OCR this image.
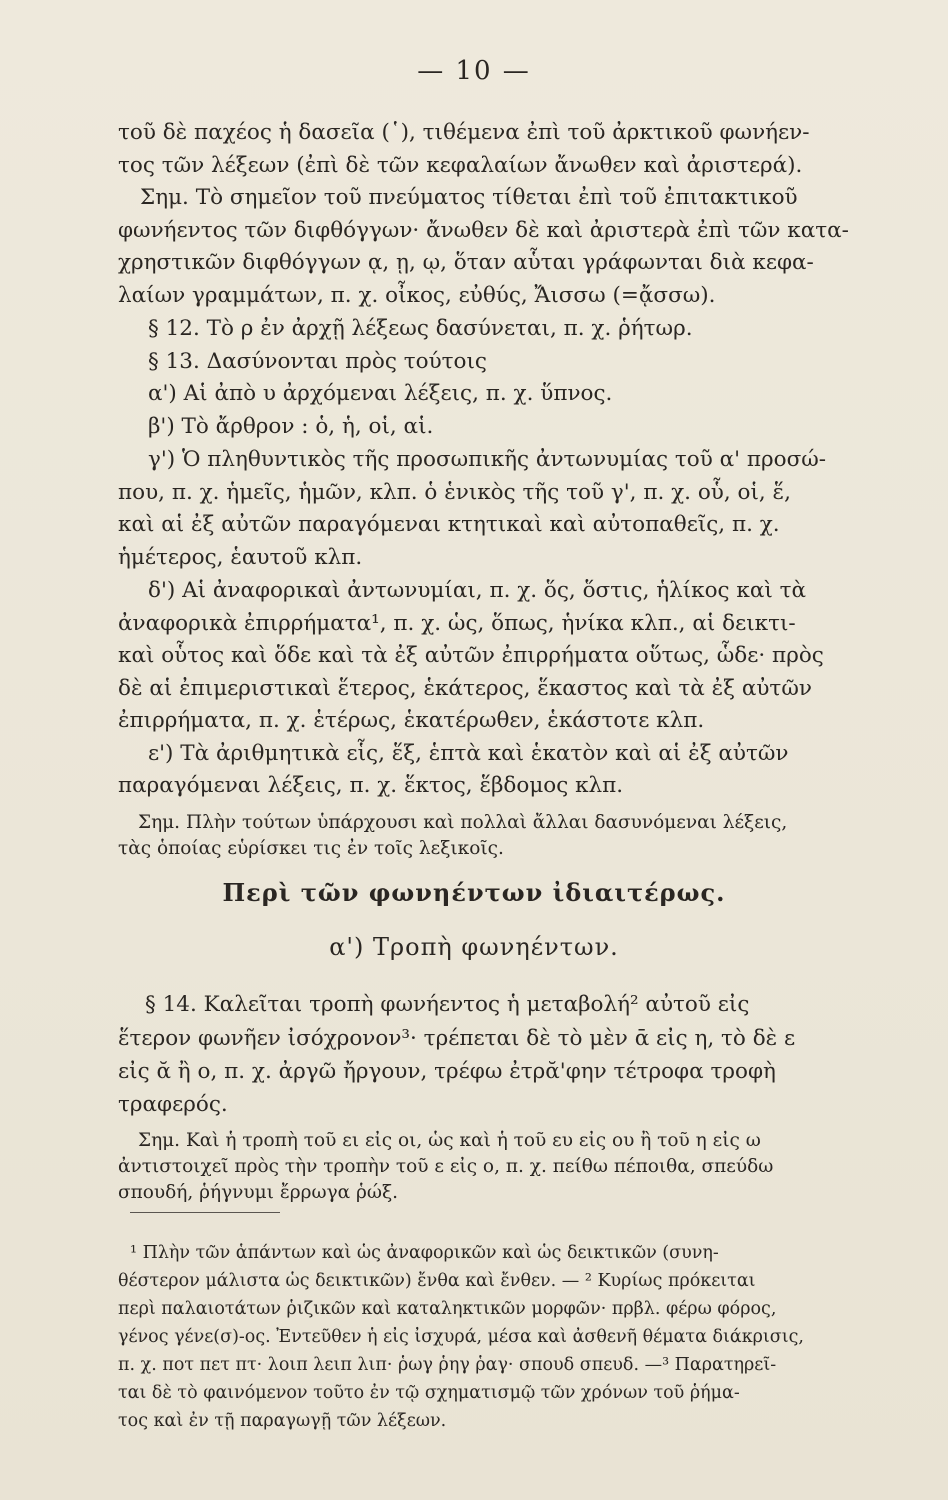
— 10 —
τοῦ δὲ παχέος ἡ δασεῖα (῾), τιθέμενα ἐπὶ τοῦ ἀρκτικοῦ φωνήεν-
τος τῶν λέξεων (ἐπὶ δὲ τῶν κεφαλαίων ἄνωθεν καὶ ἀριστερά).
Σημ. Τὸ σημεῖον τοῦ πνεύματος τίθεται ἐπὶ τοῦ ἐπιτακτικοῦ
φωνήεντος τῶν διφθόγγων· ἄνωθεν δὲ καὶ ἀριστερὰ ἐπὶ τῶν κατα-
χρηστικῶν διφθόγγων ᾳ, ῃ, ῳ, ὅταν αὗται γράφωνται διὰ κεφα-
λαίων γραμμάτων, π. χ. οἶκος, εὐθύς, Ἄισσω (=ᾄσσω).
§ 12. Τὸ ρ ἐν ἀρχῇ λέξεως δασύνεται, π. χ. ῥήτωρ.
§ 13. Δασύνονται πρὸς τούτοις
α') Αἱ ἀπὸ υ ἀρχόμεναι λέξεις, π. χ. ὕπνος.
β') Τὸ ἄρθρον : ὁ, ἡ, οἱ, αἱ.
γ') Ὁ πληθυντικὸς τῆς προσωπικῆς ἀντωνυμίας τοῦ α' προσώ-
που, π. χ. ἡμεῖς, ἡμῶν, κλπ. ὁ ἑνικὸς τῆς τοῦ γ', π. χ. οὗ, οἱ, ἕ,
καὶ αἱ ἐξ αὐτῶν παραγόμεναι κτητικαὶ καὶ αὐτοπαθεῖς, π. χ.
ἡμέτερος, ἑαυτοῦ κλπ.
δ') Αἱ ἀναφορικαὶ ἀντωνυμίαι, π. χ. ὅς, ὅστις, ἡλίκος καὶ τὰ
ἀναφορικὰ ἐπιρρήματα¹, π. χ. ὡς, ὅπως, ἡνίκα κλπ., αἱ δεικτι-
καὶ οὗτος καὶ ὅδε καὶ τὰ ἐξ αὐτῶν ἐπιρρήματα οὕτως, ὧδε· πρὸς
δὲ αἱ ἐπιμεριστικαὶ ἕτερος, ἑκάτερος, ἕκαστος καὶ τὰ ἐξ αὐτῶν
ἐπιρρήματα, π. χ. ἑτέρως, ἑκατέρωθεν, ἑκάστοτε κλπ.
ε') Τὰ ἀριθμητικὰ εἷς, ἕξ, ἑπτὰ καὶ ἑκατὸν καὶ αἱ ἐξ αὐτῶν
παραγόμεναι λέξεις, π. χ. ἕκτος, ἕβδομος κλπ.
Σημ. Πλὴν τούτων ὑπάρχουσι καὶ πολλαὶ ἄλλαι δασυνόμεναι λέξεις,
τὰς ὁποίας εὑρίσκει τις ἐν τοῖς λεξικοῖς.
Περὶ τῶν φωνηέντων ἰδιαιτέρως.
α') Τροπὴ φωνηέντων.
§ 14. Καλεῖται τροπὴ φωνήεντος ἡ μεταβολή² αὐτοῦ εἰς
ἕτερον φωνῆεν ἰσόχρονον³· τρέπεται δὲ τὸ μὲν ᾱ εἰς η, τὸ δὲ ε
εἰς ᾰ ἢ ο, π. χ. ἀργῶ ἤργουν, τρέφω ἐτρᾰ'φην τέτροφα τροφὴ
τραφερός.
Σημ. Καὶ ἡ τροπὴ τοῦ ει εἰς οι, ὡς καὶ ἡ τοῦ ευ εἰς ου ἢ τοῦ η εἰς ω
ἀντιστοιχεῖ πρὸς τὴν τροπὴν τοῦ ε εἰς ο, π. χ. πείθω πέποιθα, σπεύδω
σπουδή, ῥήγνυμι ἔρρωγα ῥώξ.
¹ Πλὴν τῶν ἁπάντων καὶ ὡς ἀναφορικῶν καὶ ὡς δεικτικῶν (συνη-
θέστερον μάλιστα ὡς δεικτικῶν) ἔνθα καὶ ἔνθεν. — ² Κυρίως πρόκειται
περὶ παλαιοτάτων ῥιζικῶν καὶ καταληκτικῶν μορφῶν· πρβλ. φέρω φόρος,
γένος γένε(σ)-ος. Ἐντεῦθεν ἡ εἰς ἰσχυρά, μέσα καὶ ἀσθενῆ θέματα διάκρισις,
π. χ. ποτ πετ πτ· λοιπ λειπ λιπ· ῥωγ ῥηγ ῥαγ· σπουδ σπευδ. —³ Παρατηρεῖ-
ται δὲ τὸ φαινόμενον τοῦτο ἐν τῷ σχηματισμῷ τῶν χρόνων τοῦ ῥήμα-
τος καὶ ἐν τῇ παραγωγῇ τῶν λέξεων.
